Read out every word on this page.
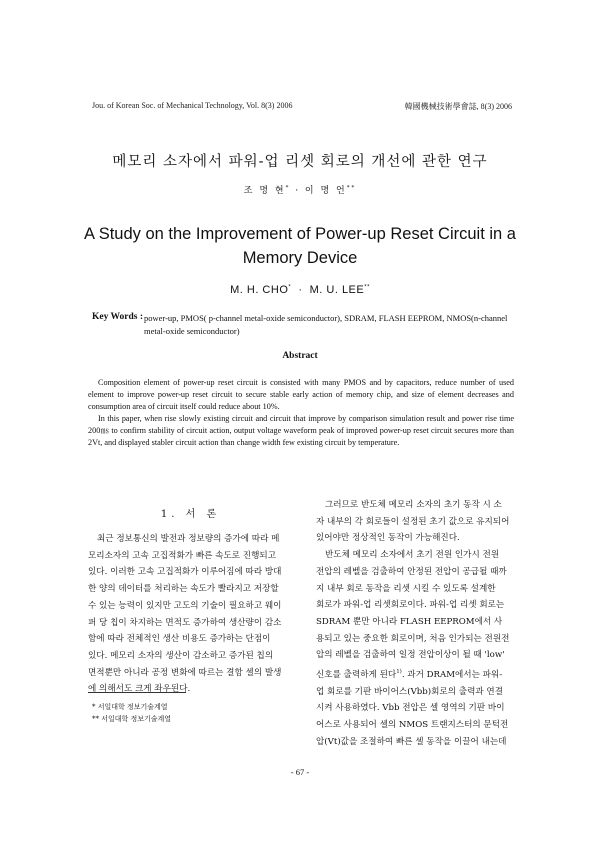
Jou. of Korean Soc. of Mechanical Technology, Vol. 8(3) 2006	韓國機械技術學會誌, 8(3) 2006
메모리 소자에서 파워-업 리셋 회로의 개선에 관한 연구
조 명 현* · 이 명 언**
A Study on the Improvement of Power-up Reset Circuit in a
Memory Device
M. H. CHO*  ·  M. U. LEE**
Key Words : power-up, PMOS( p-channel metal-oxide semiconductor), SDRAM, FLASH EEPROM, NMOS(n-channel metal-oxide semiconductor)
Abstract

Composition element of power-up reset circuit is consisted with many PMOS and by capacitors, reduce number of used element to improve power-up reset circuit to secure stable early action of memory chip, and size of element decreases and consumption area of circuit itself could reduce about 10%.

In this paper, when rise slowly existing circuit and circuit that improve by comparison simulation result and power rise time 200㎳ to confirm stability of circuit action, output voltage waveform peak of improved power-up reset circuit secures more than 2Vt, and displayed stabler circuit action than change width few existing circuit by temperature.

1. 서 론
최근 정보통신의 발전과 정보량의 증가에 따라 메
모리소자의 고속 고집적화가 빠른 속도로 진행되고
있다. 이러한 고속 고집적화가 이루어짐에 따라 방대
한 양의 데이터를 처리하는 속도가 빨라지고 저장할
수 있는 능력이 있지만 고도의 기술이 필요하고 웨이
퍼 당 칩이 차지하는 면적도 증가하여 생산량이 감소
함에 따라 전체적인 생산 비용도 증가하는 단점이
있다. 메모리 소자의 생산이 감소하고 증가된 칩의
면적뿐만 아니라 공정 변화에 따르는 결함 셀의 발생
에 의해서도 크게 좌우된다.
그러므로 반도체 메모리 소자의 초기 동작 시 소
자 내부의 각 회로들이 설정된 초기 값으로 유지되어
있어야만 정상적인 동작이 가능해진다.
반도체 메모리 소자에서 초기 전원 인가시 전원
전압의 레벨을 검출하여 안정된 전압이 공급될 때까
지 내부 회로 동작을 리셋 시킬 수 있도록 설계한
회로가 파워-업 리셋회로이다. 파워-업 리셋 회로는
SDRAM 뿐만 아니라 FLASH EEPROM에서 사
용되고 있는 중요한 회로이며, 처음 인가되는 전원전
압의 레벨을 검출하여 일정 전압이상이 될 때 'low'
신호를 출력하게 된다$^{1)}$. 과거 DRAM에서는 파워-
업 회로를 기판 바이어스(Vbb)회로의 출력과 연결
시켜 사용하였다. Vbb 전압은 셀 영역의 기판 바이
어스로 사용되어 셀의 NMOS 트랜지스터의 문턱전
압(Vt)값을 조절하여 빠른 셀 동작을 이끌어 내는데
* 서일대학 정보기술계열
** 서일대학 정보기술계열
- 67 -
